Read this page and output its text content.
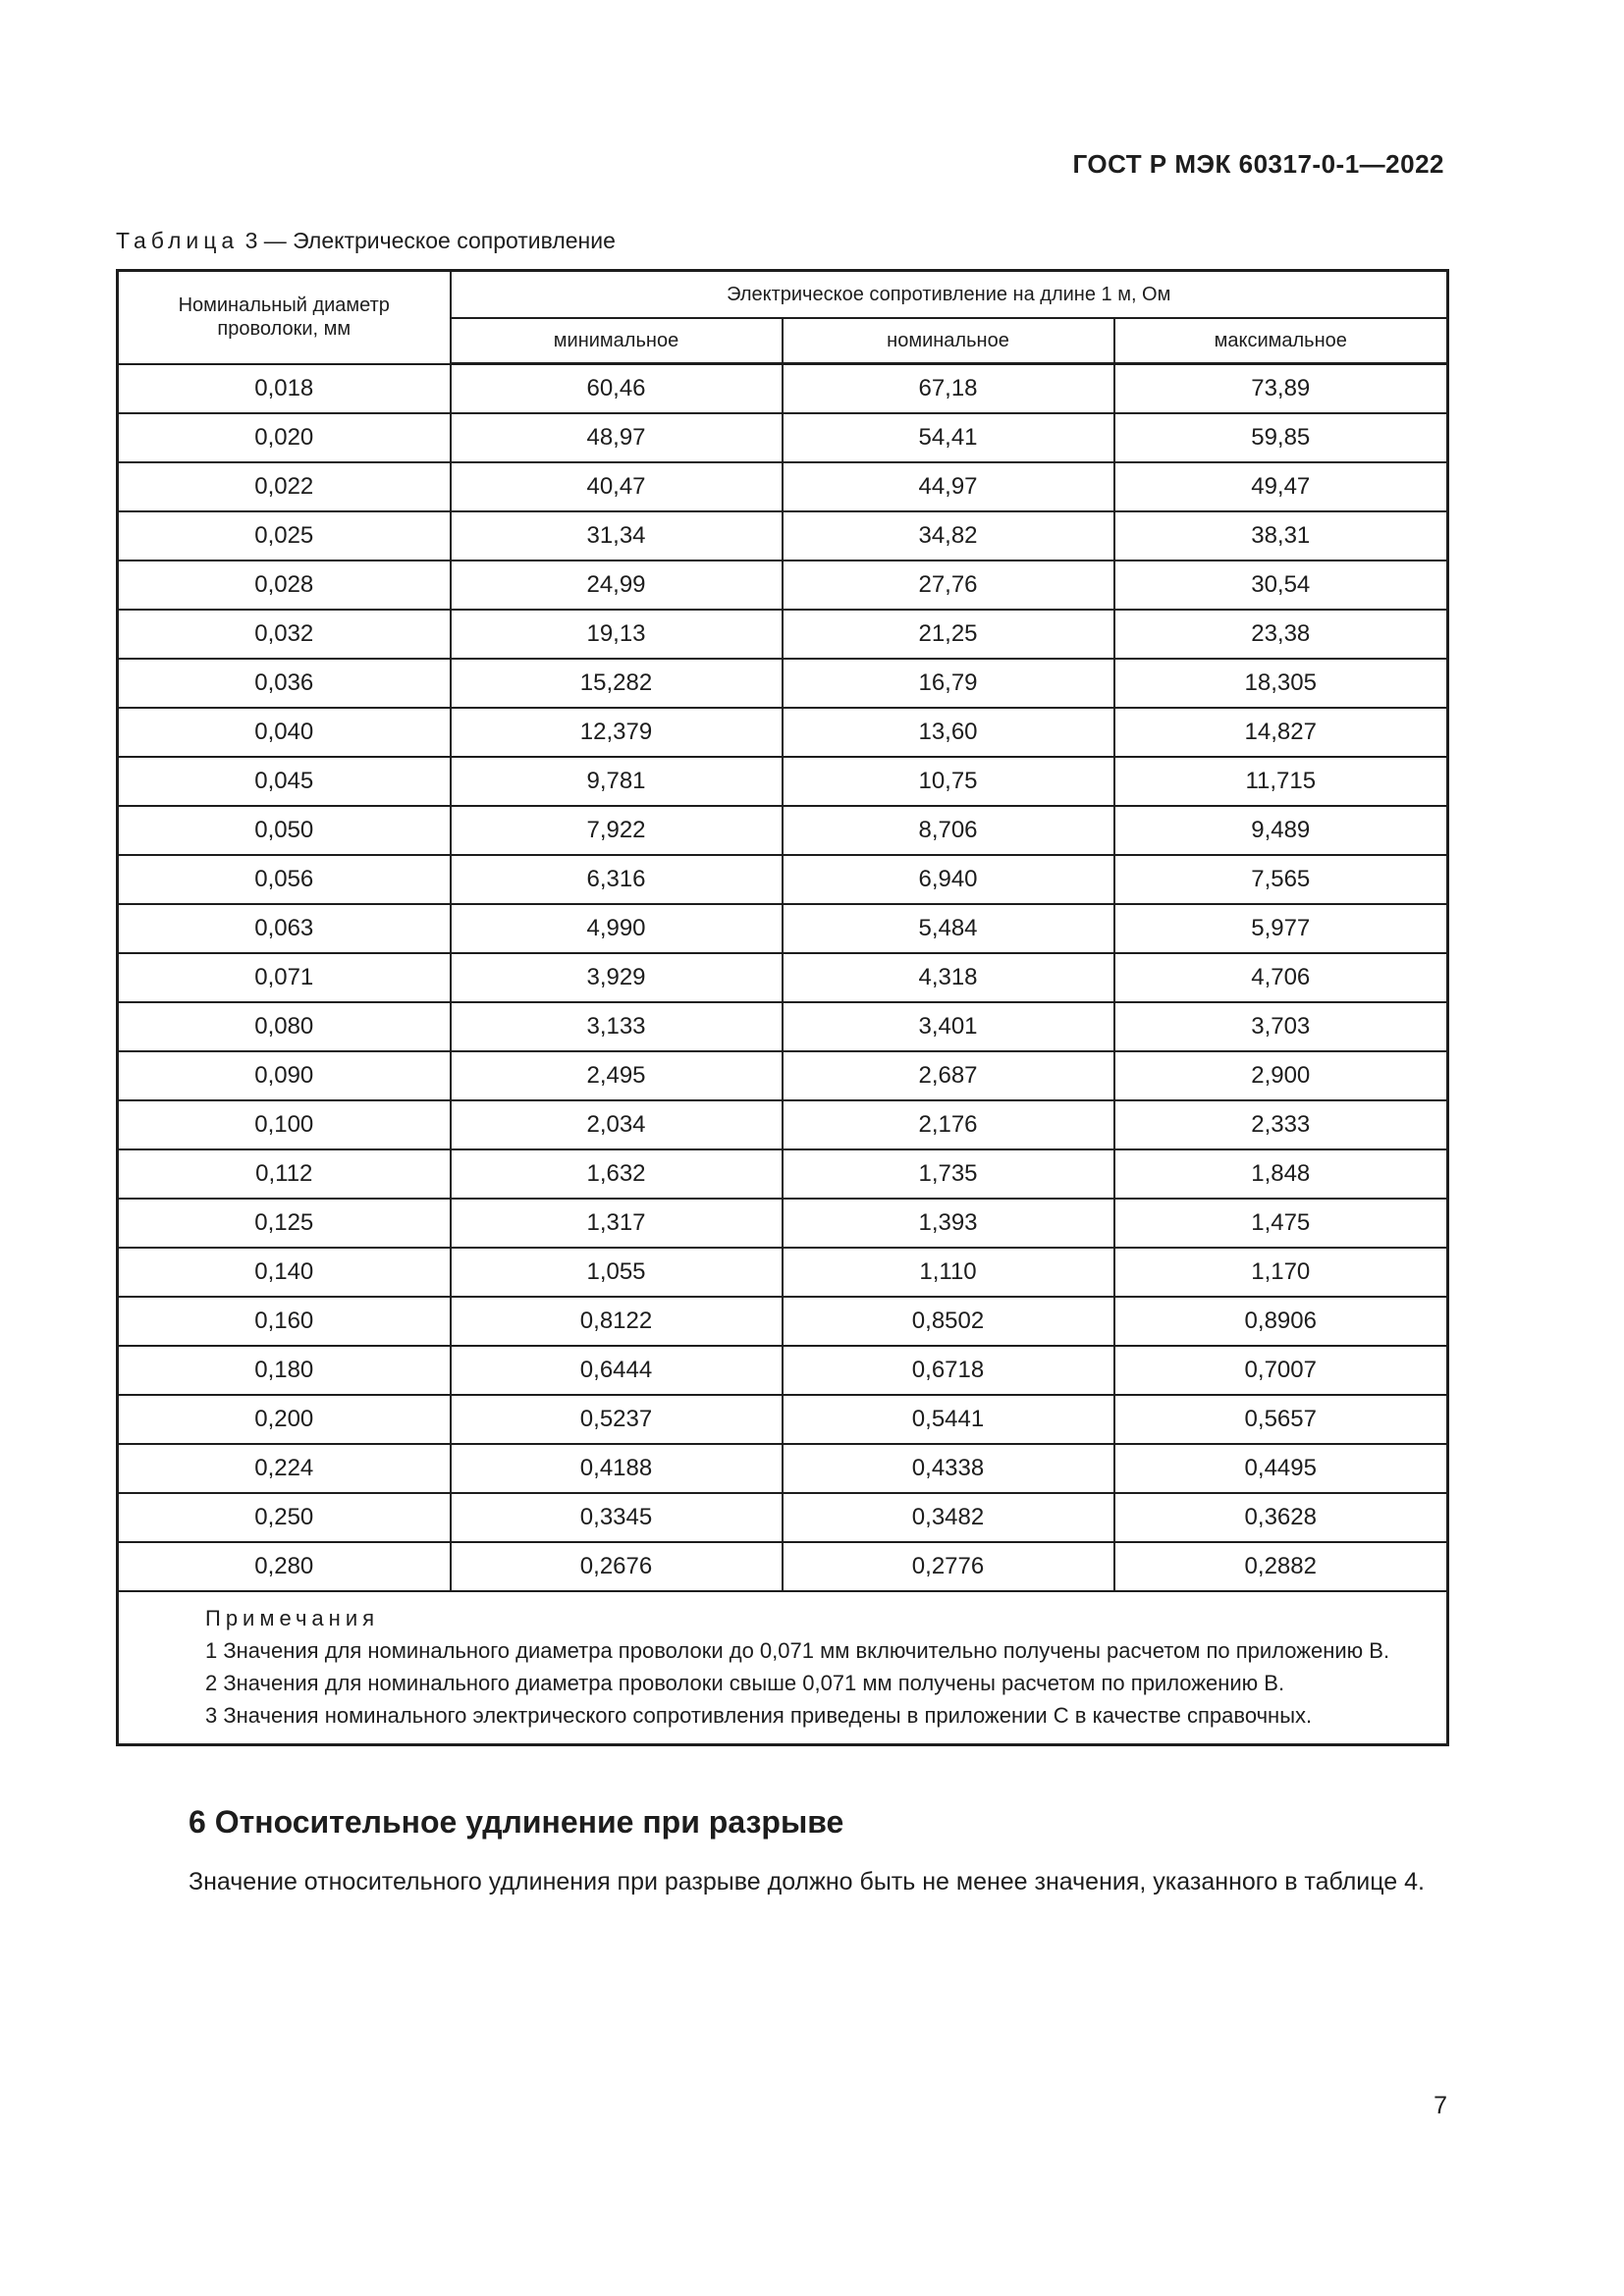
ГОСТ Р МЭК 60317-0-1—2022
Таблица 3 — Электрическое сопротивление
Номинальный диаметр проволоки, мм	Электрическое сопротивление на длине 1 м, Ом		
	минимальное	номинальное	максимальное
0,018	60,46	67,18	73,89
0,020	48,97	54,41	59,85
0,022	40,47	44,97	49,47
0,025	31,34	34,82	38,31
0,028	24,99	27,76	30,54
0,032	19,13	21,25	23,38
0,036	15,282	16,79	18,305
0,040	12,379	13,60	14,827
0,045	9,781	10,75	11,715
0,050	7,922	8,706	9,489
0,056	6,316	6,940	7,565
0,063	4,990	5,484	5,977
0,071	3,929	4,318	4,706
0,080	3,133	3,401	3,703
0,090	2,495	2,687	2,900
0,100	2,034	2,176	2,333
0,112	1,632	1,735	1,848
0,125	1,317	1,393	1,475
0,140	1,055	1,110	1,170
0,160	0,8122	0,8502	0,8906
0,180	0,6444	0,6718	0,7007
0,200	0,5237	0,5441	0,5657
0,224	0,4188	0,4338	0,4495
0,250	0,3345	0,3482	0,3628
0,280	0,2676	0,2776	0,2882

Примечания
1 Значения для номинального диаметра проволоки до 0,071 мм включительно получены расчетом по приложению В.
2 Значения для номинального диаметра проволоки свыше 0,071 мм получены расчетом по приложению В.
3 Значения номинального электрического сопротивления приведены в приложении С в качестве справочных.			
6 Относительное удлинение при разрыве

Значение относительного удлинения при разрыве должно быть не менее значения, указанного в таблице 4.

7
